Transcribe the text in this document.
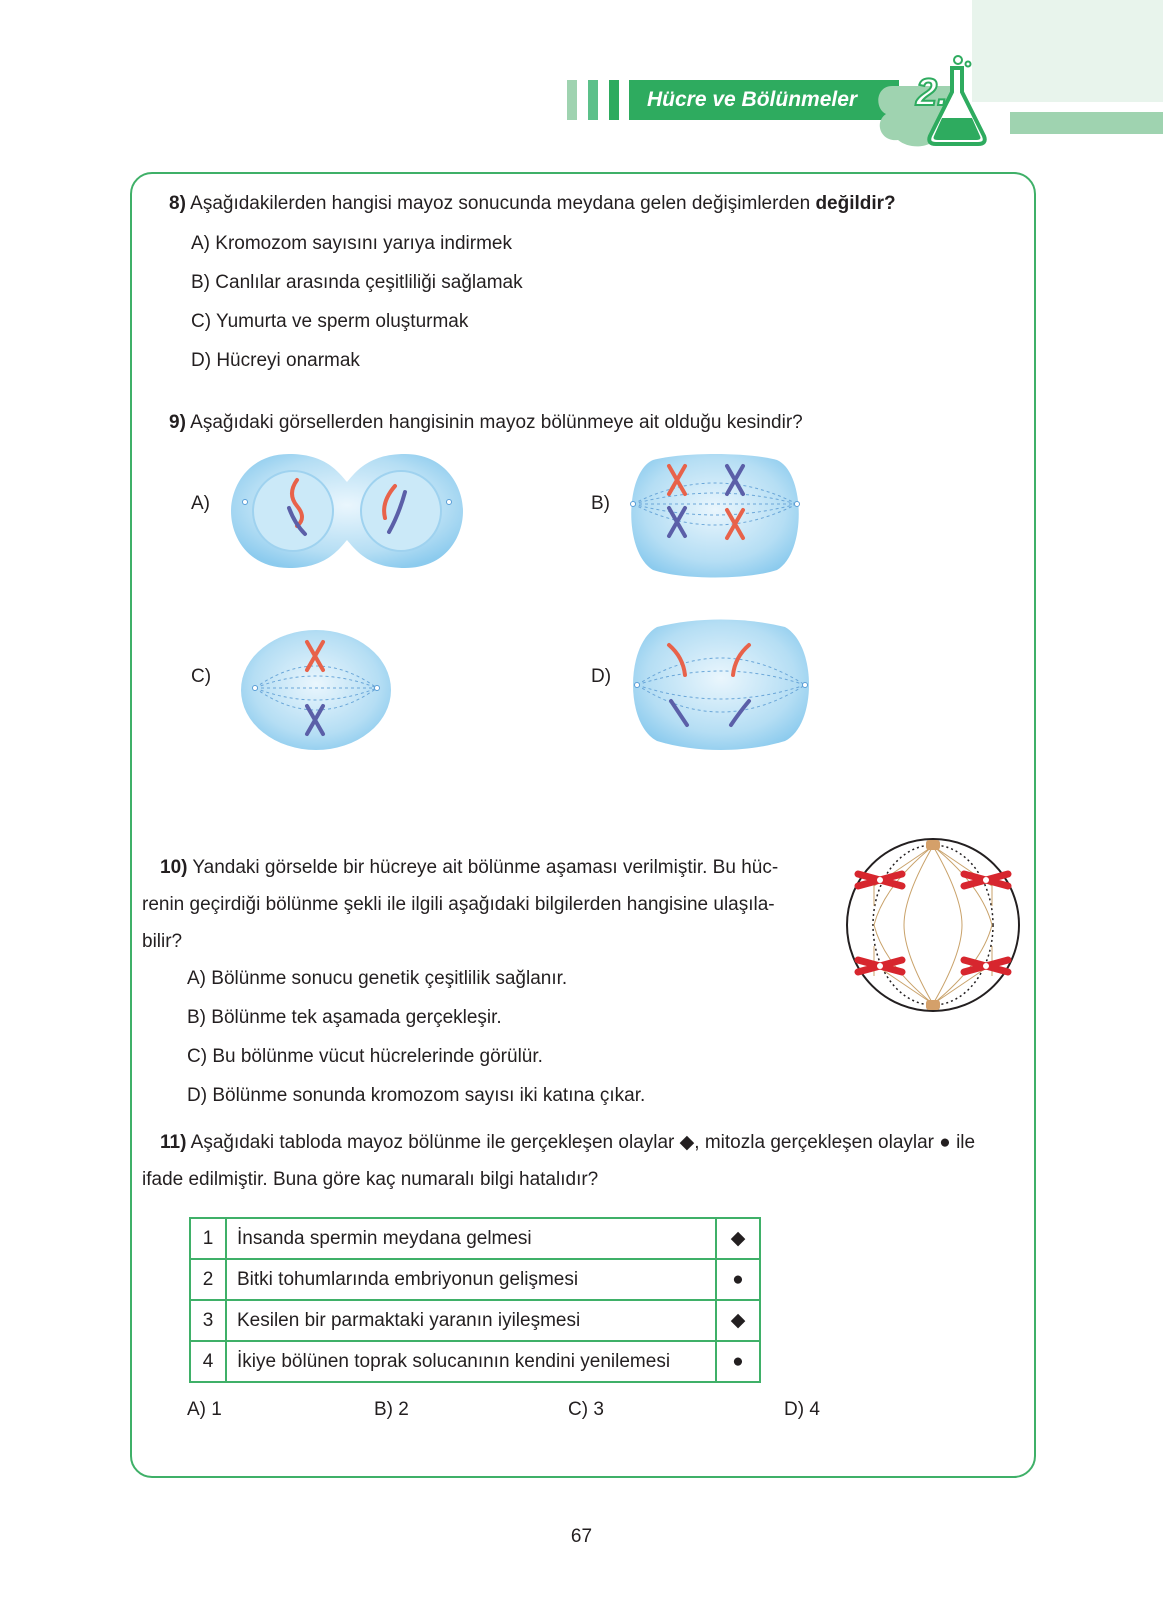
Hücre ve Bölünmeler	2.
8) Aşağıdakilerden hangisi mayoz sonucunda meydana gelen değişimlerden değildir?
A) Kromozom sayısını yarıya indirmek
B) Canlılar arasında çeşitliliği sağlamak
C) Yumurta ve sperm oluşturmak
D) Hücreyi onarmak
9) Aşağıdaki görsellerden hangisinin mayoz bölünmeye ait olduğu kesindir?
A)	B)
C)	D)
10) Yandaki görselde bir hücreye ait bölünme aşaması verilmiştir. Bu hüc-
renin geçirdiği bölünme şekli ile ilgili aşağıdaki bilgilerden hangisine ulaşıla-
bilir?
A) Bölünme sonucu genetik çeşitlilik sağlanır.
B) Bölünme tek aşamada gerçekleşir.
C) Bu bölünme vücut hücrelerinde görülür.
D) Bölünme sonunda kromozom sayısı iki katına çıkar.
11) Aşağıdaki tabloda mayoz bölünme ile gerçekleşen olaylar ◆, mitozla gerçekleşen olaylar ● ile
ifade edilmiştir. Buna göre kaç numaralı bilgi hatalıdır?
1	İnsanda spermin meydana gelmesi	◆
2	Bitki tohumlarında embriyonun gelişmesi	●
3	Kesilen bir parmaktaki yaranın iyileşmesi	◆
4	İkiye bölünen toprak solucanının kendini yenilemesi	●
A) 1	B) 2	C) 3	D) 4
67
